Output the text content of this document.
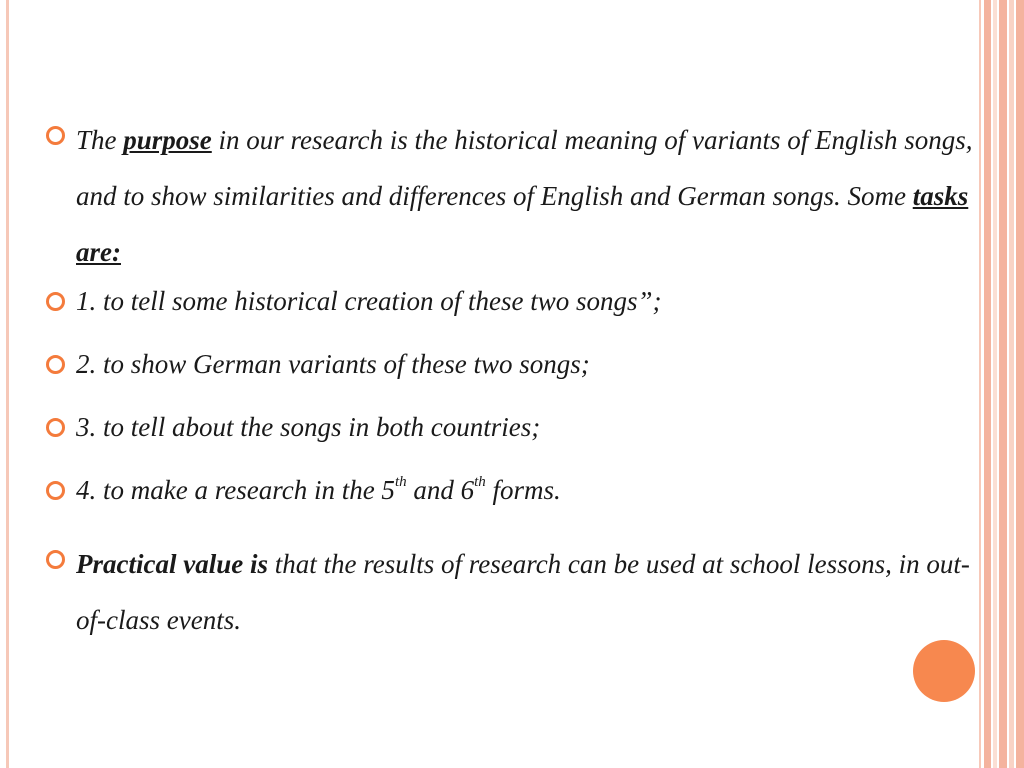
The purpose in our research is the historical meaning of variants of English songs, and to show similarities and differences of English and German songs. Some tasks are:

1. to tell some historical creation of these two songs”;

2. to show German variants of these two songs;

3. to tell about the songs in both countries;

4. to make a research in the 5th and 6th forms.

Practical value is that the results of research can be used at school lessons, in out-of-class events.
